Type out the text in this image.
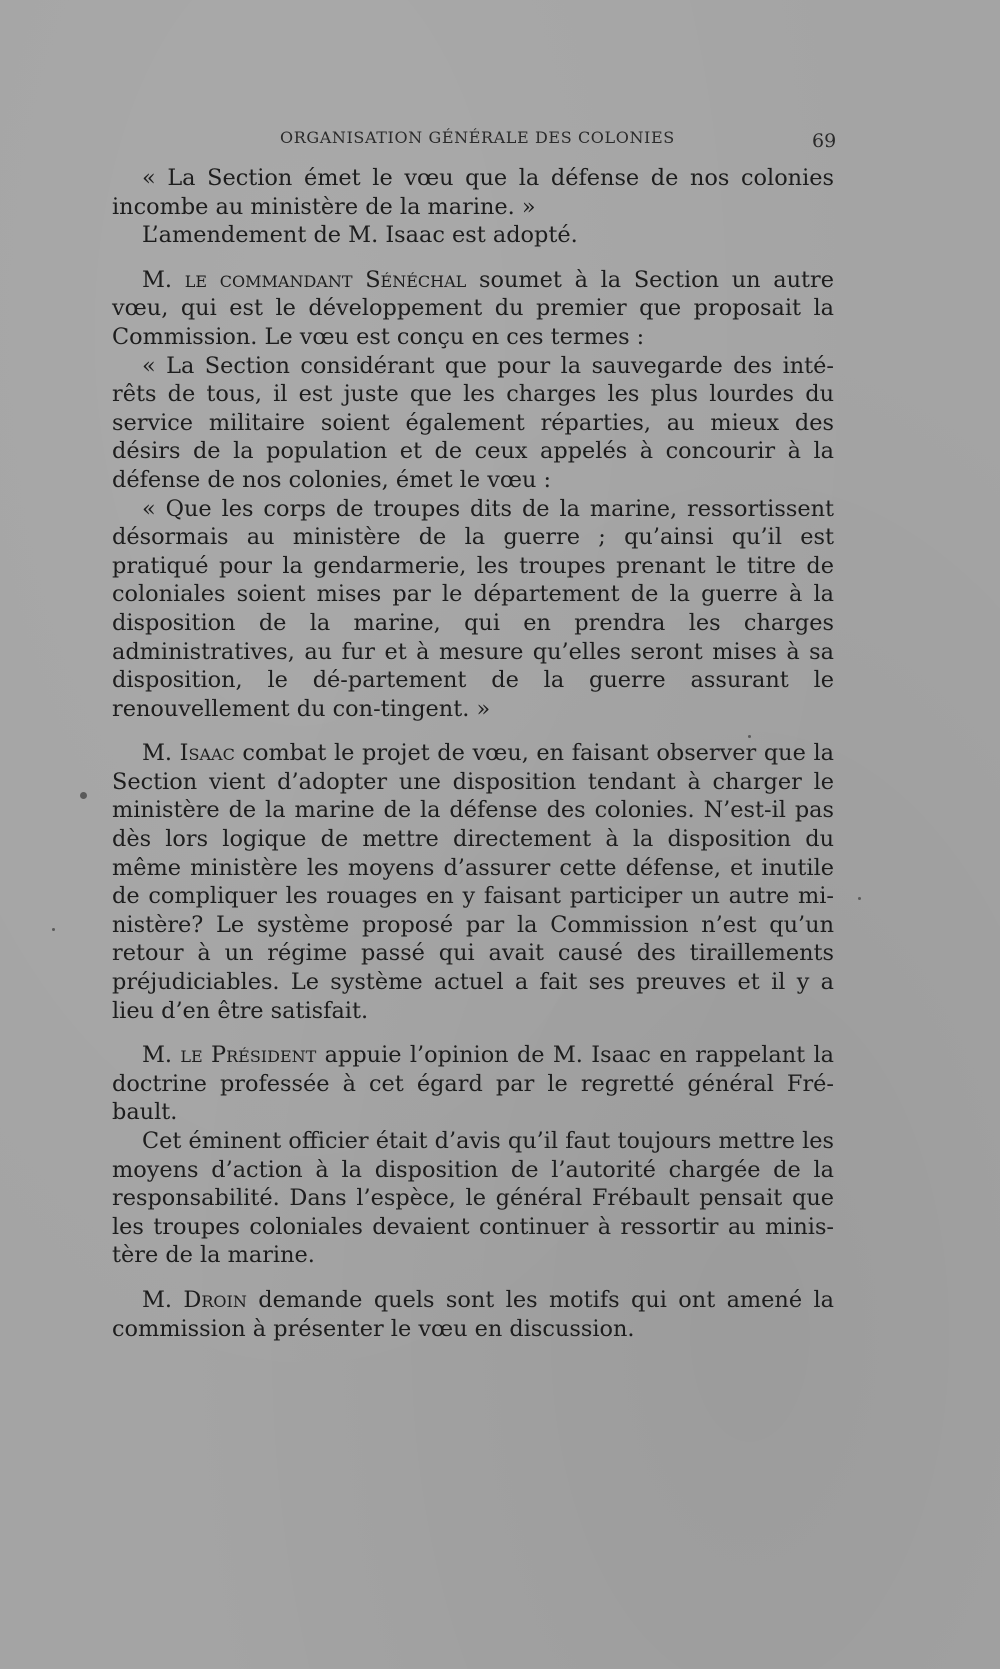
ORGANISATION GÉNÉRALE DES COLONIES	69

« La Section émet le vœu que la défense de nos colonies incombe au ministère de la marine. »

L’amendement de M. Isaac est adopté.

M. le commandant Sénéchal soumet à la Section un autre vœu, qui est le développement du premier que proposait la Commission. Le vœu est conçu en ces termes :

« La Section considérant que pour la sauvegarde des inté-rêts de tous, il est juste que les charges les plus lourdes du service militaire soient également réparties, au mieux des désirs de la population et de ceux appelés à concourir à la défense de nos colonies, émet le vœu :

« Que les corps de troupes dits de la marine, ressortissent désormais au ministère de la guerre ; qu’ainsi qu’il est pratiqué pour la gendarmerie, les troupes prenant le titre de coloniales soient mises par le département de la guerre à la disposition de la marine, qui en prendra les charges administratives, au fur et à mesure qu’elles seront mises à sa disposition, le dé-partement de la guerre assurant le renouvellement du con-tingent. »

M. Isaac combat le projet de vœu, en faisant observer que la Section vient d’adopter une disposition tendant à charger le ministère de la marine de la défense des colonies. N’est-il pas dès lors logique de mettre directement à la disposition du même ministère les moyens d’assurer cette défense, et inutile de compliquer les rouages en y faisant participer un autre mi-nistère? Le système proposé par la Commission n’est qu’un retour à un régime passé qui avait causé des tiraillements préjudiciables. Le système actuel a fait ses preuves et il y a lieu d’en être satisfait.

M. le Président appuie l’opinion de M. Isaac en rappelant la doctrine professée à cet égard par le regretté général Fré-bault.

Cet éminent officier était d’avis qu’il faut toujours mettre les moyens d’action à la disposition de l’autorité chargée de la responsabilité. Dans l’espèce, le général Frébault pensait que les troupes coloniales devaient continuer à ressortir au minis-tère de la marine.

M. Droin demande quels sont les motifs qui ont amené la commission à présenter le vœu en discussion.
